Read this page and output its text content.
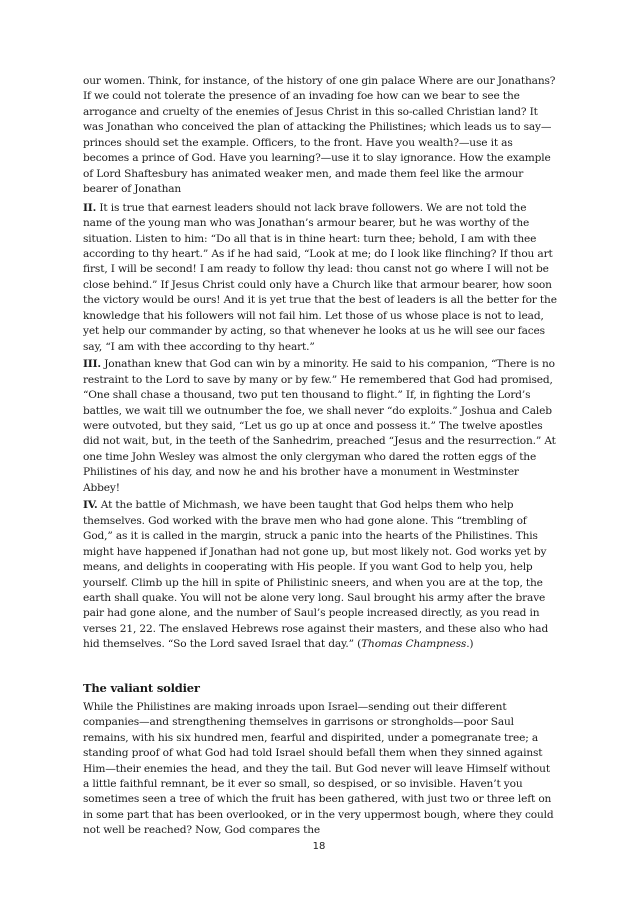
our women. Think, for instance, of the history of one gin palace Where are our Jonathans? If we could not tolerate the presence of an invading foe how can we bear to see the arrogance and cruelty of the enemies of Jesus Christ in this so-called Christian land? It was Jonathan who conceived the plan of attacking the Philistines; which leads us to say—princes should set the example. Officers, to the front. Have you wealth?—use it as becomes a prince of God. Have you learning?—use it to slay ignorance. How the example of Lord Shaftesbury has animated weaker men, and made them feel like the armour bearer of Jonathan

II. It is true that earnest leaders should not lack brave followers. We are not told the name of the young man who was Jonathan’s armour bearer, but he was worthy of the situation. Listen to him: “Do all that is in thine heart: turn thee; behold, I am with thee according to thy heart.” As if he had said, “Look at me; do I look like flinching? If thou art first, I will be second! I am ready to follow thy lead: thou canst not go where I will not be close behind.” If Jesus Christ could only have a Church like that armour bearer, how soon the victory would be ours! And it is yet true that the best of leaders is all the better for the knowledge that his followers will not fail him. Let those of us whose place is not to lead, yet help our commander by acting, so that whenever he looks at us he will see our faces say, “I am with thee according to thy heart.”

III. Jonathan knew that God can win by a minority. He said to his companion, “There is no restraint to the Lord to save by many or by few.” He remembered that God had promised, “One shall chase a thousand, two put ten thousand to flight.” If, in fighting the Lord’s battles, we wait till we outnumber the foe, we shall never “do exploits.” Joshua and Caleb were outvoted, but they said, “Let us go up at once and possess it.” The twelve apostles did not wait, but, in the teeth of the Sanhedrim, preached “Jesus and the resurrection.” At one time John Wesley was almost the only clergyman who dared the rotten eggs of the Philistines of his day, and now he and his brother have a monument in Westminster Abbey!

IV. At the battle of Michmash, we have been taught that God helps them who help themselves. God worked with the brave men who had gone alone. This “trembling of God,” as it is called in the margin, struck a panic into the hearts of the Philistines. This might have happened if Jonathan had not gone up, but most likely not. God works yet by means, and delights in cooperating with His people. If you want God to help you, help yourself. Climb up the hill in spite of Philistinic sneers, and when you are at the top, the earth shall quake. You will not be alone very long. Saul brought his army after the brave pair had gone alone, and the number of Saul’s people increased directly, as you read in verses 21, 22. The enslaved Hebrews rose against their masters, and these also who had hid themselves. “So the Lord saved Israel that day.” (Thomas Champness.)

The valiant soldier

While the Philistines are making inroads upon Israel—sending out their different companies—and strengthening themselves in garrisons or strongholds—poor Saul remains, with his six hundred men, fearful and dispirited, under a pomegranate tree; a standing proof of what God had told Israel should befall them when they sinned against Him—their enemies the head, and they the tail. But God never will leave Himself without a little faithful remnant, be it ever so small, so despised, or so invisible. Haven’t you sometimes seen a tree of which the fruit has been gathered, with just two or three left on in some part that has been overlooked, or in the very uppermost bough, where they could not well be reached? Now, God compares the

18
